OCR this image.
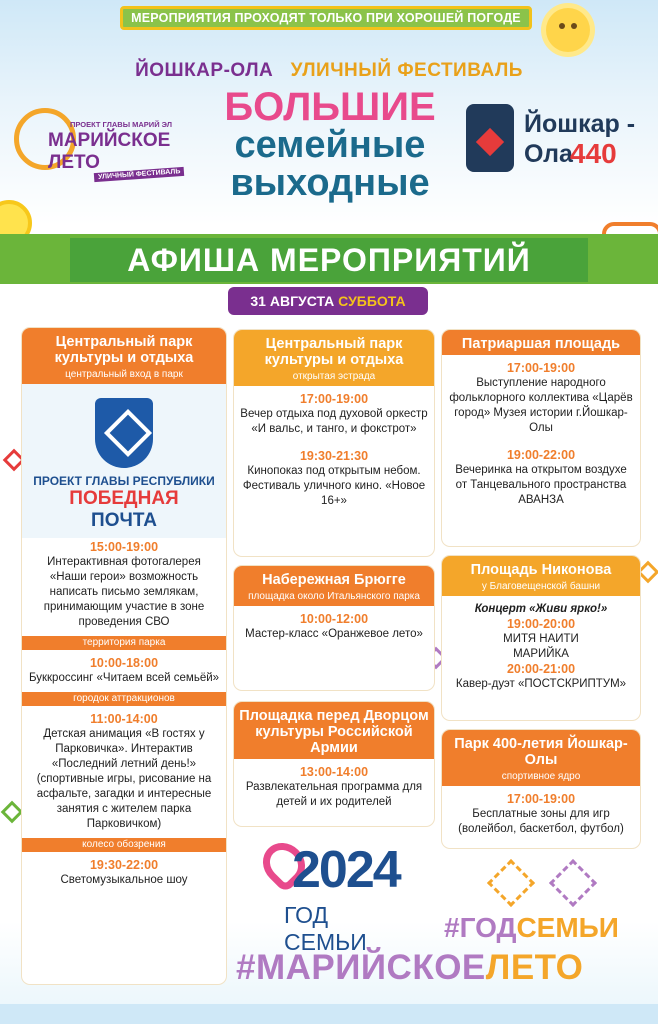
МЕРОПРИЯТИЯ ПРОХОДЯТ ТОЛЬКО ПРИ ХОРОШЕЙ ПОГОДЕ
ЙОШКАР-ОЛА УЛИЧНЫЙ ФЕСТИВАЛЬ
ПРОЕКТ ГЛАВЫ МАРИЙ ЭЛ
МАРИЙСКОЕ
ЛЕТО
УЛИЧНЫЙ ФЕСТИВАЛЬ
БОЛЬШИЕ
семейные
выходные
Йошкар -
Ола
440
АФИША МЕРОПРИЯТИЙ
31 АВГУСТА СУББОТА
Центральный парк культуры и отдыха
центральный вход в парк
ПРОЕКТ ГЛАВЫ РЕСПУБЛИКИ
ПОБЕДНАЯ
ПОЧТА
15:00-19:00
Интерактивная фотогалерея «Наши герои» возможность написать письмо землякам, принимающим участие в зоне проведения СВО
территория парка
10:00-18:00
Буккроссинг «Читаем всей семьёй»
городок аттракционов
11:00-14:00
Детская анимация «В гостях у Парковичка». Интерактив «Последний летний день!» (спортивные игры, рисование на асфальте, загадки и интересные занятия с жителем парка Парковичком)
колесо обозрения
19:30-22:00
Светомузыкальное шоу
Центральный парк культуры и отдыха
открытая эстрада
17:00-19:00
Вечер отдыха под духовой оркестр «И вальс, и танго, и фокстрот»
19:30-21:30
Кинопоказ под открытым небом. Фестиваль уличного кино. «Новое 16+»
Набережная Брюгге
площадка около Итальянского парка
10:00-12:00
Мастер-класс «Оранжевое лето»
Площадка перед Дворцом культуры Российской Армии
13:00-14:00
Развлекательная программа для детей и их родителей
Патриаршая площадь
17:00-19:00
Выступление народного фольклорного коллектива «Царёв город» Музея истории г.Йошкар-Олы
19:00-22:00
Вечеринка на открытом воздухе от Танцевального пространства АВАНЗА
Площадь Никонова
у Благовещенской башни
Концерт «Живи ярко!»
19:00-20:00
МИТЯ НАИТИ
МАРИЙКА
20:00-21:00
Кавер-дуэт «ПОСТСКРИПТУМ»
Парк 400-летия Йошкар-Олы
спортивное ядро
17:00-19:00
Бесплатные зоны для игр (волейбол, баскетбол, футбол)
2024
ГОД СЕМЬИ	#ГОДСЕМЬИ
#МАРИЙСКОЕЛЕТО
